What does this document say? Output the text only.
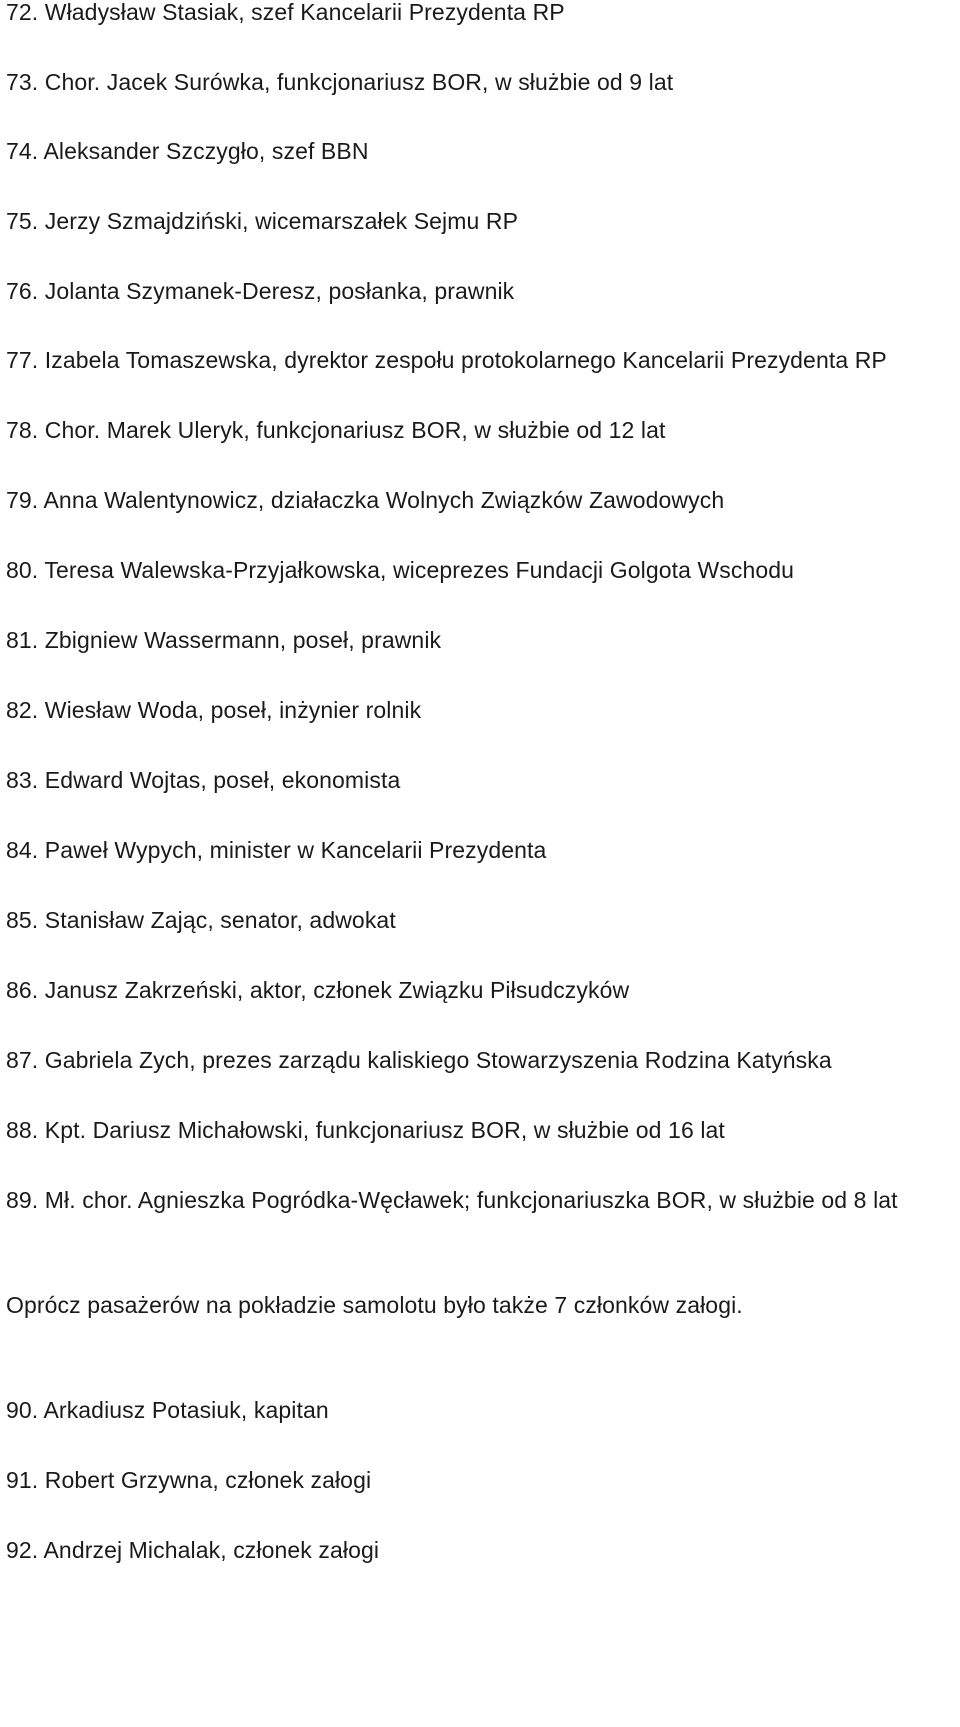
72. Władysław Stasiak, szef Kancelarii Prezydenta RP

73. Chor. Jacek Surówka, funkcjonariusz BOR, w służbie od 9 lat

74. Aleksander Szczygło, szef BBN

75. Jerzy Szmajdziński, wicemarszałek Sejmu RP

76. Jolanta Szymanek-Deresz, posłanka, prawnik

77. Izabela Tomaszewska, dyrektor zespołu protokolarnego Kancelarii Prezydenta RP

78. Chor. Marek Uleryk, funkcjonariusz BOR, w służbie od 12 lat

79. Anna Walentynowicz, działaczka Wolnych Związków Zawodowych

80. Teresa Walewska-Przyjałkowska, wiceprezes Fundacji Golgota Wschodu

81. Zbigniew Wassermann, poseł, prawnik

82. Wiesław Woda, poseł, inżynier rolnik

83. Edward Wojtas, poseł, ekonomista

84. Paweł Wypych, minister w Kancelarii Prezydenta

85. Stanisław Zając, senator, adwokat

86. Janusz Zakrzeński, aktor, członek Związku Piłsudczyków

87. Gabriela Zych, prezes zarządu kaliskiego Stowarzyszenia Rodzina Katyńska

88. Kpt. Dariusz Michałowski, funkcjonariusz BOR, w służbie od 16 lat

89. Mł. chor. Agnieszka Pogródka-Węcławek; funkcjonariuszka BOR, w służbie od 8 lat

Oprócz pasażerów na pokładzie samolotu było także 7 członków załogi.

90. Arkadiusz Potasiuk, kapitan

91. Robert Grzywna, członek załogi

92. Andrzej Michalak, członek załogi
